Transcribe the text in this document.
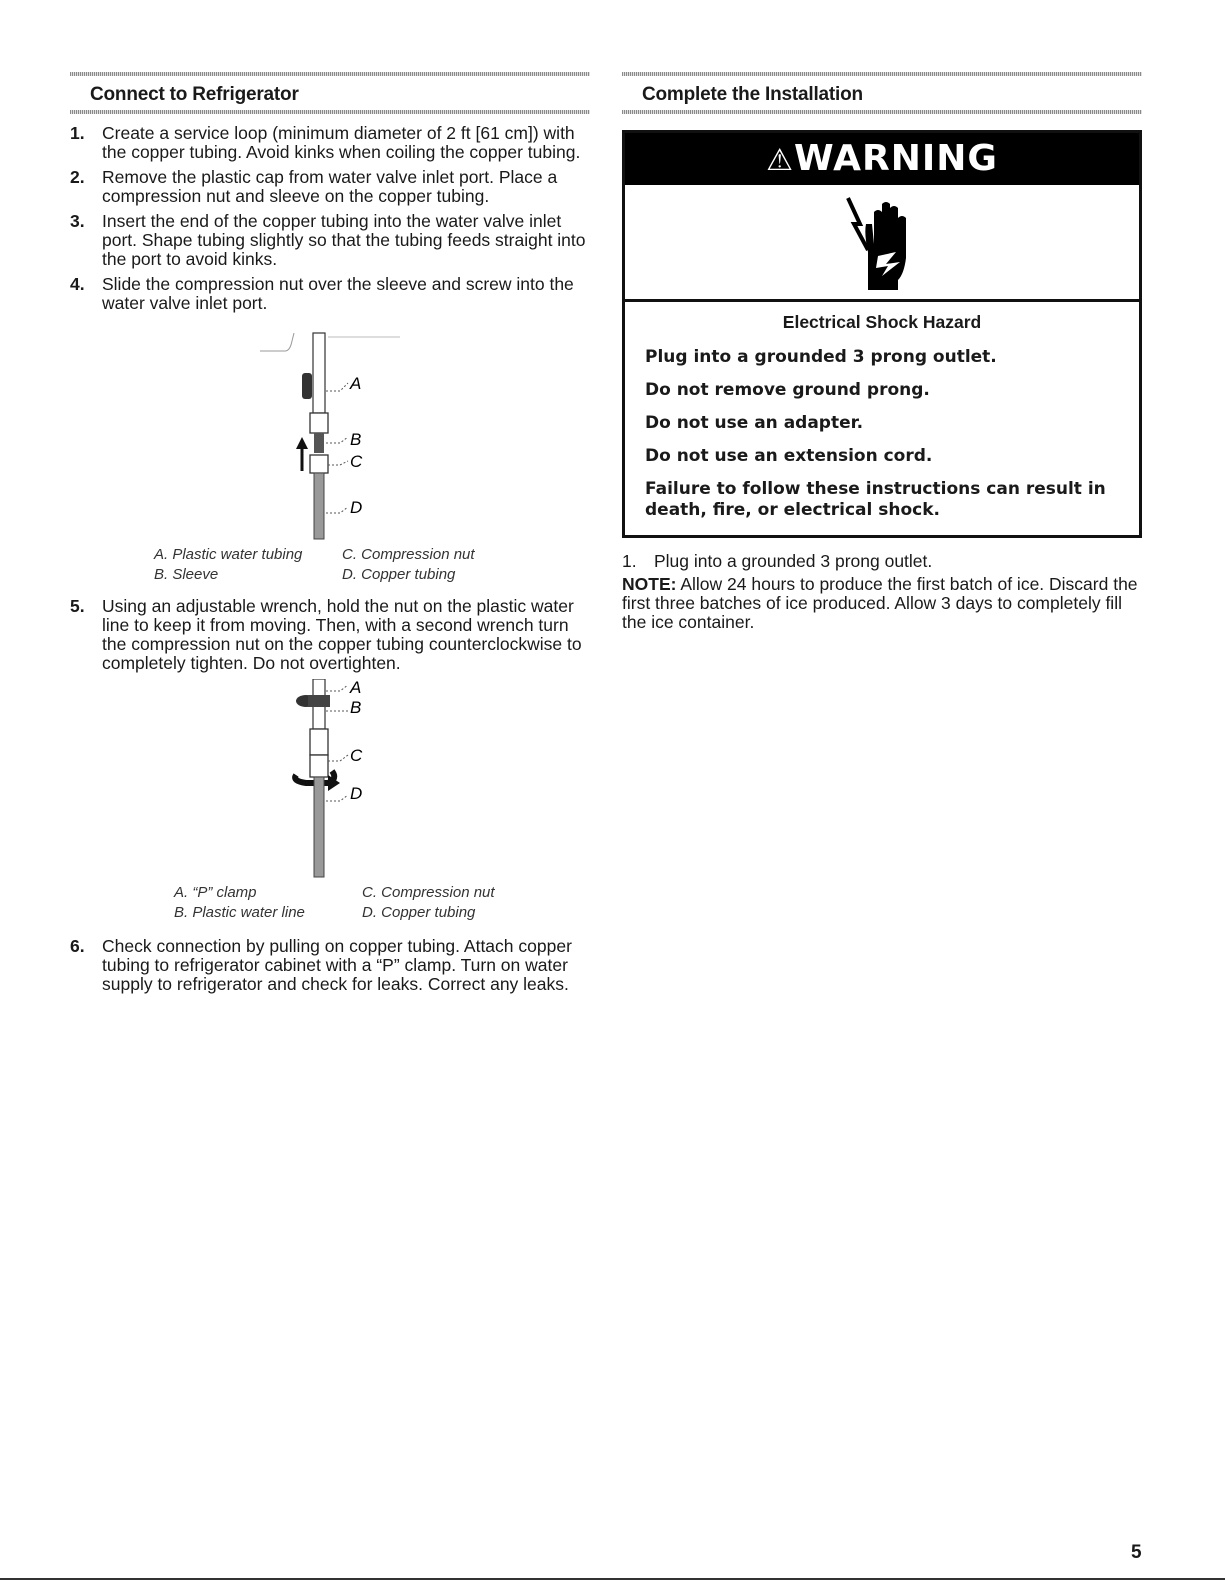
Connect to Refrigerator
1. Create a service loop (minimum diameter of 2 ft [61 cm]) with the copper tubing. Avoid kinks when coiling the copper tubing.
2. Remove the plastic cap from water valve inlet port. Place a compression nut and sleeve on the copper tubing.
3. Insert the end of the copper tubing into the water valve inlet port. Shape tubing slightly so that the tubing feeds straight into the port to avoid kinks.
4. Slide the compression nut over the sleeve and screw into the water valve inlet port.
A
B
C
D
A. Plastic water tubing	C. Compression nut
B. Sleeve	D. Copper tubing
5. Using an adjustable wrench, hold the nut on the plastic water line to keep it from moving. Then, with a second wrench turn the compression nut on the copper tubing counterclockwise to completely tighten. Do not overtighten.
A
B
C
D
A. “P” clamp	C. Compression nut
B. Plastic water line	D. Copper tubing
6. Check connection by pulling on copper tubing. Attach copper tubing to refrigerator cabinet with a “P” clamp. Turn on water supply to refrigerator and check for leaks. Correct any leaks.
Complete the Installation
⚠WARNING
Electrical Shock Hazard

Plug into a grounded 3 prong outlet.

Do not remove ground prong.

Do not use an adapter.

Do not use an extension cord.

Failure to follow these instructions can result in death, fire, or electrical shock.

1. Plug into a grounded 3 prong outlet.

NOTE: Allow 24 hours to produce the first batch of ice. Discard the first three batches of ice produced. Allow 3 days to completely fill the ice container.

5
